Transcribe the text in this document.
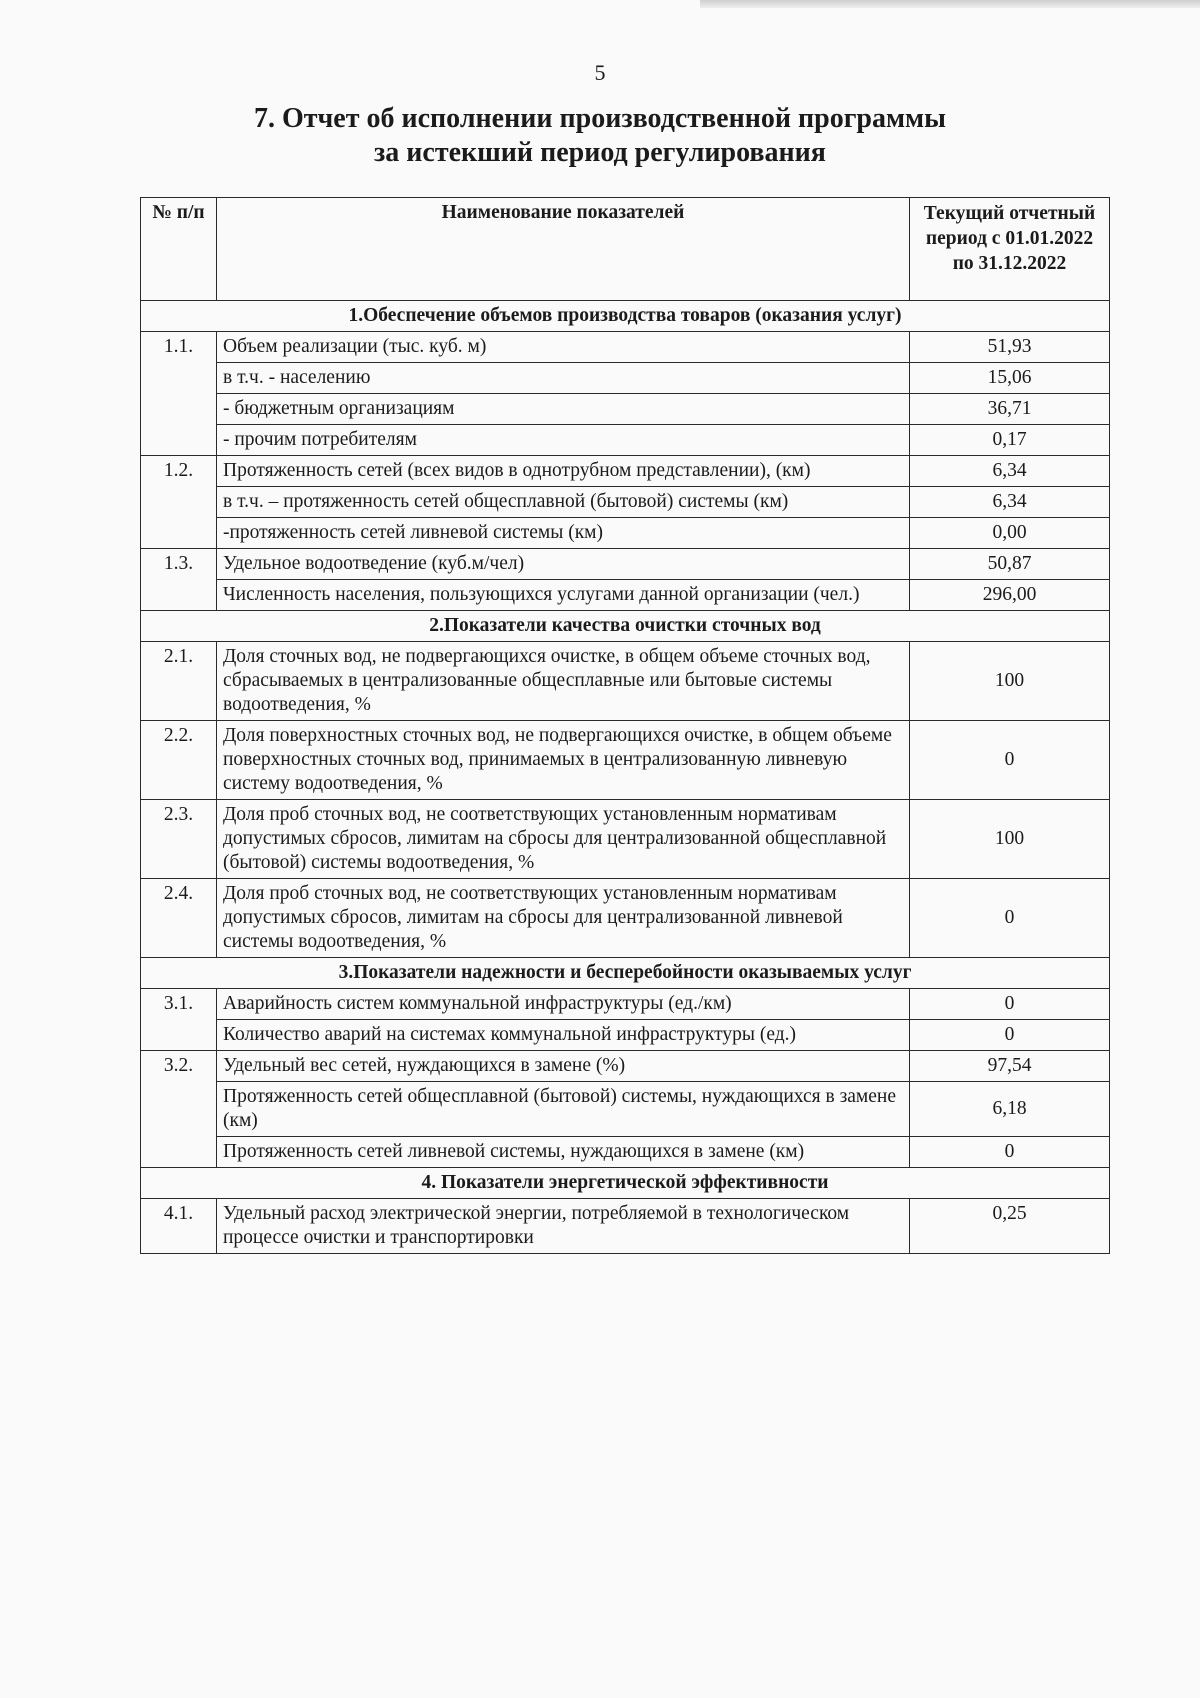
5
7. Отчет об исполнении производственной программы
за истекший период регулирования
№ п/п	Наименование показателей	Текущий отчетный период с 01.01.2022 по 31.12.2022
1.Обеспечение объемов производства товаров (оказания услуг)		
1.1.	Объем реализации (тыс. куб. м)	51,93
	в т.ч. - населению	15,06
	- бюджетным организациям	36,71
	- прочим потребителям	0,17
1.2.	Протяженность сетей (всех видов в однотрубном представлении), (км)	6,34
	в т.ч. – протяженность сетей общесплавной (бытовой) системы (км)	6,34
	-протяженность сетей ливневой системы (км)	0,00
1.3.	Удельное водоотведение (куб.м/чел)	50,87
	Численность населения, пользующихся услугами данной организации (чел.)	296,00
2.Показатели качества очистки сточных вод		
2.1.	Доля сточных вод, не подвергающихся очистке, в общем объеме сточных вод, сбрасываемых в централизованные общесплавные или бытовые системы водоотведения, %	100
2.2.	Доля поверхностных сточных вод, не подвергающихся очистке, в общем объеме поверхностных сточных вод, принимаемых в централизованную ливневую систему водоотведения, %	0
2.3.	Доля проб сточных вод, не соответствующих установленным нормативам допустимых сбросов, лимитам на сбросы для централизованной общесплавной (бытовой) системы водоотведения, %	100
2.4.	Доля проб сточных вод, не соответствующих установленным нормативам допустимых сбросов, лимитам на сбросы для централизованной ливневой системы водоотведения, %	0
3.Показатели надежности и бесперебойности оказываемых услуг		
3.1.	Аварийность систем коммунальной инфраструктуры (ед./км)	0
	Количество аварий на системах коммунальной инфраструктуры (ед.)	0
3.2.	Удельный вес сетей, нуждающихся в замене (%)	97,54
	Протяженность сетей общесплавной (бытовой) системы, нуждающихся в замене (км)	6,18
	Протяженность сетей ливневой системы, нуждающихся в замене (км)	0
4. Показатели энергетической эффективности		
4.1.	Удельный расход электрической энергии, потребляемой в технологическом процессе очистки и транспортировки	0,25
